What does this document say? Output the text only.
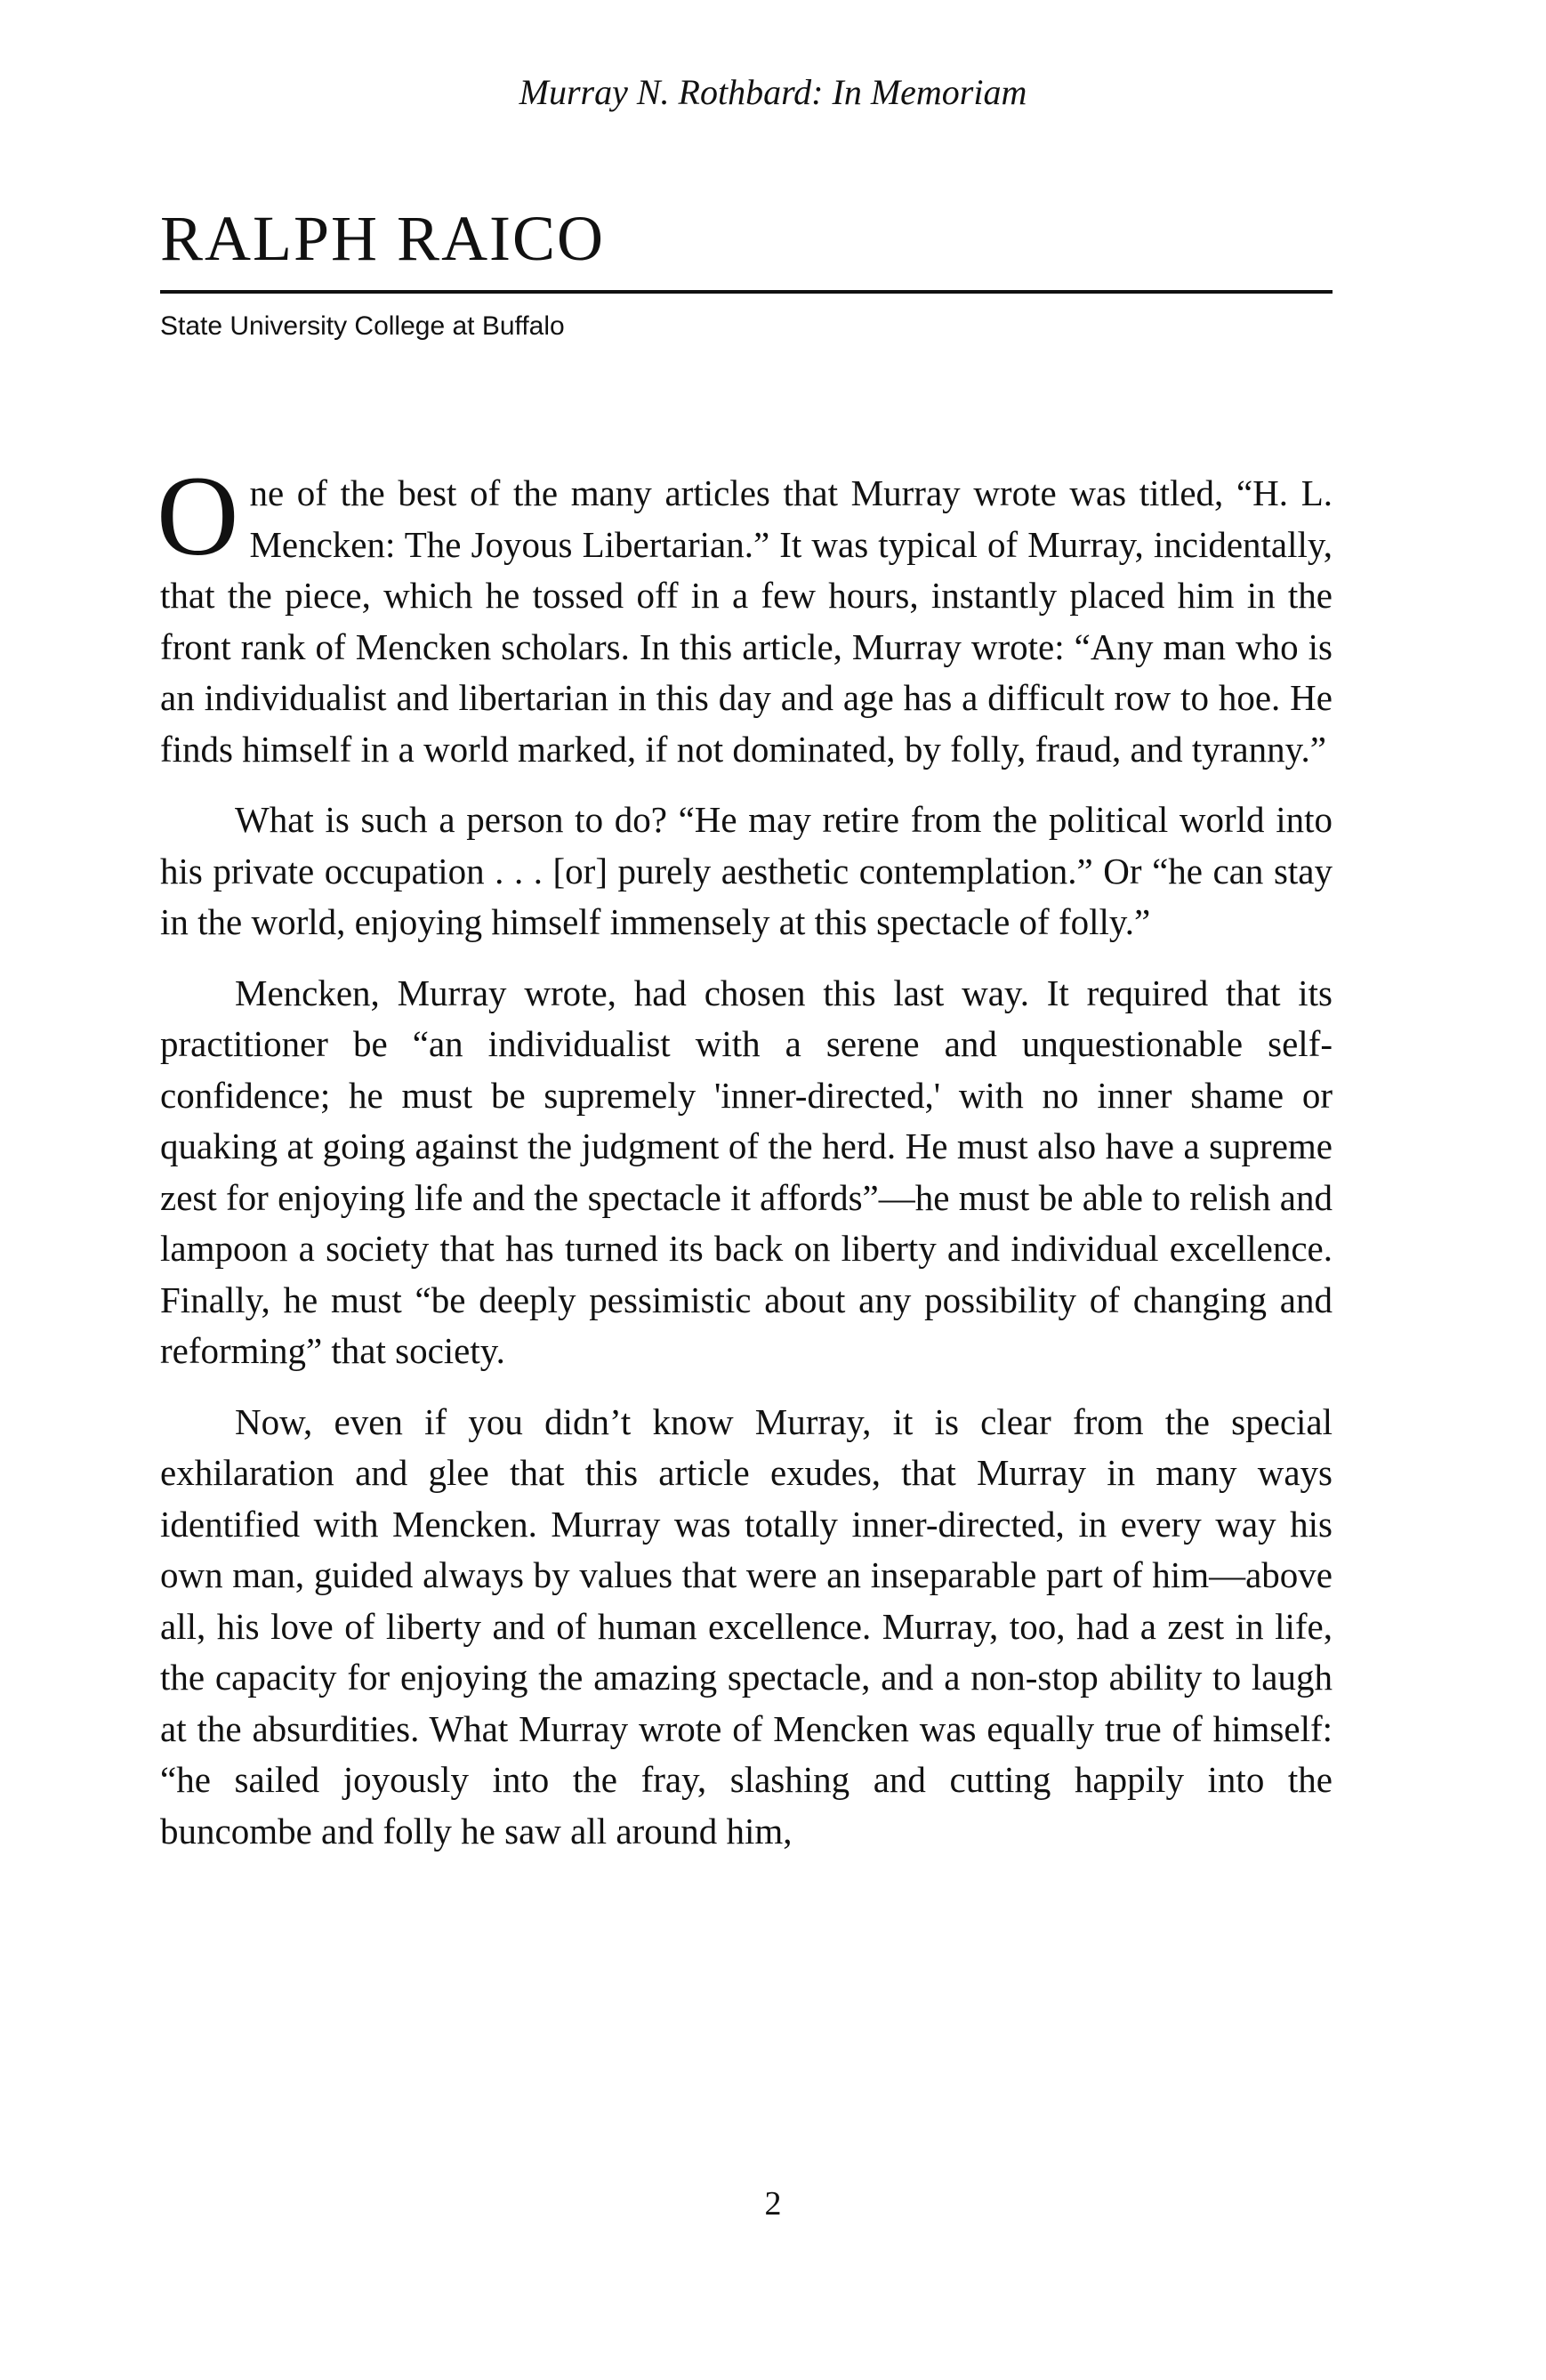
Murray N. Rothbard: In Memoriam
RALPH RAICO
State University College at Buffalo

One of the best of the many articles that Murray wrote was titled, “H. L. Mencken: The Joyous Libertarian.” It was typical of Murray, incidentally, that the piece, which he tossed off in a few hours, instantly placed him in the front rank of Mencken scholars. In this article, Murray wrote: “Any man who is an individualist and libertarian in this day and age has a difficult row to hoe. He finds himself in a world marked, if not dominated, by folly, fraud, and tyranny.”

What is such a person to do? “He may retire from the political world into his private occupation . . . [or] purely aesthetic contemplation.” Or “he can stay in the world, enjoying himself immensely at this spectacle of folly.”

Mencken, Murray wrote, had chosen this last way. It required that its practitioner be “an individualist with a serene and unquestionable self-confidence; he must be supremely 'inner-directed,' with no inner shame or quaking at going against the judgment of the herd. He must also have a supreme zest for enjoying life and the spectacle it affords”—he must be able to relish and lampoon a society that has turned its back on liberty and individual excellence. Finally, he must “be deeply pessimistic about any possibility of changing and reforming” that society.

Now, even if you didn’t know Murray, it is clear from the special exhilaration and glee that this article exudes, that Murray in many ways identified with Mencken. Murray was totally inner-directed, in every way his own man, guided always by values that were an inseparable part of him—above all, his love of liberty and of human excellence. Murray, too, had a zest in life, the capacity for enjoying the amazing spectacle, and a non-stop ability to laugh at the absurdities. What Murray wrote of Mencken was equally true of himself: “he sailed joyously into the fray, slashing and cutting happily into the buncombe and folly he saw all around him,

2
